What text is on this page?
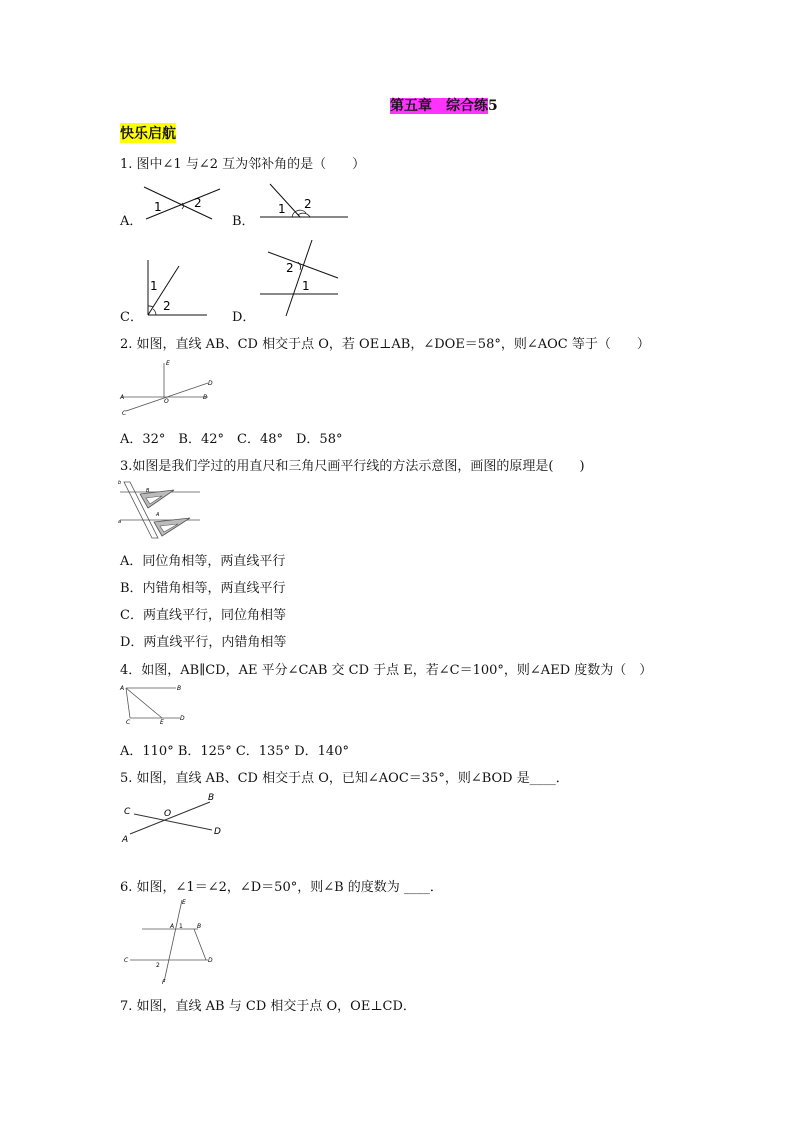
第五章　 综合练5
快乐启航
1. 图中∠1 与∠2 互为邻补角的是（　　）
A．
1	2
B．
1 2
C．
1
2
D．
2
1
2. 如图，直线 AB、CD 相交于点 O，若 OE⊥AB，∠DOE＝58°，则∠AOC 等于（　　）
E
D
A
O
B
C
A．32°　B．42°　C．48°　D．58°
3.如图是我们学过的用直尺和三角尺画平行线的方法示意图，画图的原理是(　　)
b
a
B
A
A．同位角相等，两直线平行
B．内错角相等，两直线平行
C．两直线平行，同位角相等
D．两直线平行，内错角相等
4．如图，AB∥CD，AE 平分∠CAB 交 CD 于点 E，若∠C＝100°，则∠AED 度数为（　）
A	B
C	E
D
A．110° B．125° C．135° D．140°
5. 如图，直线 AB、CD 相交于点 O，已知∠AOC＝35°，则∠BOD 是____．
C	O
B
A
D
6. 如图，∠1＝∠2，∠D＝50°，则∠B 的度数为 ____．
E
A 1 B
C
2
D
F
7. 如图，直线 AB 与 CD 相交于点 O，OE⊥CD．
